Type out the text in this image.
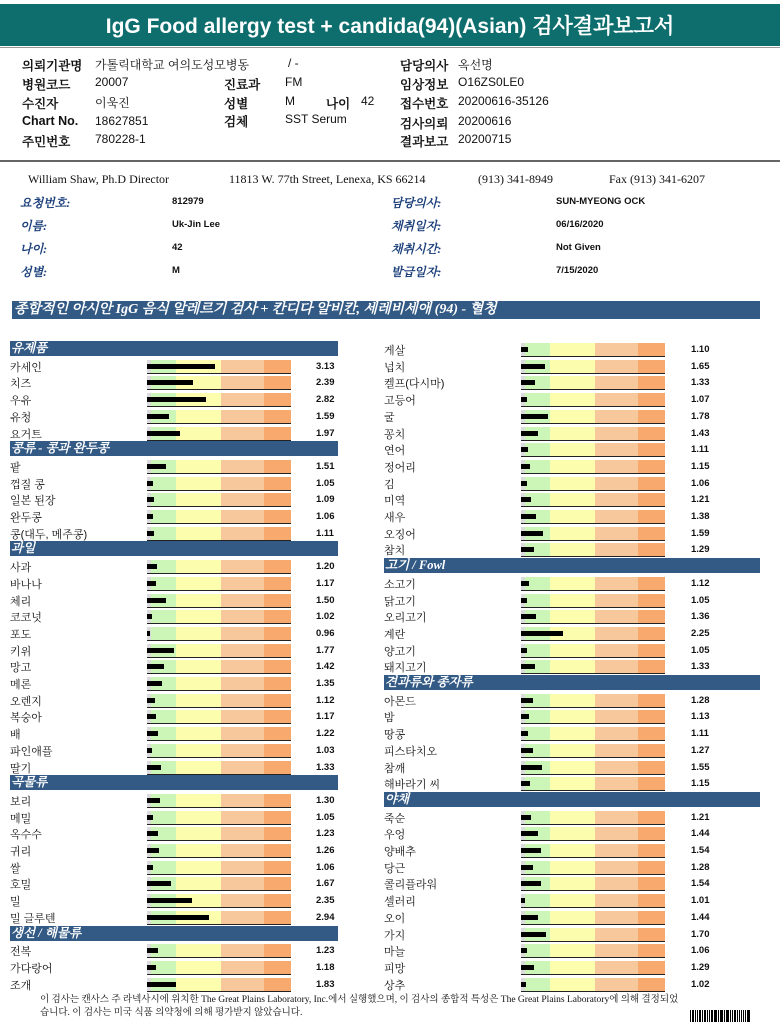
IgG Food allergy test + candida(94)(Asian) 검사결과보고서
의뢰기관명 가톨릭대학교 여의도성모병동	/ -	담당의사 옥선명
병원코드 20007	진료과 FM	임상정보 O16ZS0LE0
수진자	이욱진	성별	M 나이 42 접수번호 20200616-35126
Chart No. 18627851	검체	SST Serum	검사의뢰 20200616
주민번호 780228-1	결과보고 20200715
William Shaw, Ph.D Director	11813 W. 77th Street, Lenexa, KS 66214	(913) 341-8949	Fax (913) 341-6207
요청번호:	812979	담당의사:	SUN-MYEONG OCK
이름:	Uk-Jin Lee	채취일자:	06/16/2020
나이:	42	채취시간:	Not Given
성별:	M	발급일자:	7/15/2020
종합적인 아시안 IgG 음식 알레르기 검사 + 칸디다 알비칸, 세레비세애 (94) - 혈청
유제품
카세인	3.13
치즈	2.39
우유	2.82
유청	1.59
요거트	1.97
콩류 - 콩과 완두콩
팥	1.51
껍질 콩	1.05
일본 된장	1.09
완두콩	1.06
콩(대두, 메주콩)	1.11
과일
사과	1.20
바나나	1.17
체리	1.50
코코넛	1.02
포도	0.96
키위	1.77
망고	1.42
메론	1.35
오렌지	1.12
복숭아	1.17
배	1.22
파인애플	1.03
딸기	1.33
곡물류
보리	1.30
메밀	1.05
옥수수	1.23
귀리	1.26
쌀	1.06
호밀	1.67
밀	2.35
밀 글루텐	2.94
생선 / 해물류
전복	1.23
가다랑어	1.18
조개	1.83
게살	1.10
넙치	1.65
켈프(다시마)	1.33
고등어	1.07
굴	1.78
꽁치	1.43
연어	1.11
정어리	1.15
김	1.06
미역	1.21
새우	1.38
오징어	1.59
참치	1.29
고기 / Fowl
소고기	1.12
닭고기	1.05
오리고기	1.36
계란	2.25
양고기	1.05
돼지고기	1.33
견과류와 종자류
아몬드	1.28
밤	1.13
땅콩	1.11
피스타치오	1.27
참깨	1.55
해바라기 씨	1.15
야채
죽순	1.21
우엉	1.44
양배추	1.54
당근	1.28
콜리플라워	1.54
셀러리	1.01
오이	1.44
가지	1.70
마늘	1.06
피망	1.29
상추	1.02
이 검사는 캔사스 주 라넥사시에 위치한 The Great Plains Laboratory, Inc.에서 실행했으며, 이 검사의 종합적 특성은 The Great Plains Laboratory에 의해 결정되었습니다. 이 검사는 미국 식품 의약청에 의해 평가받지 않았습니다.
